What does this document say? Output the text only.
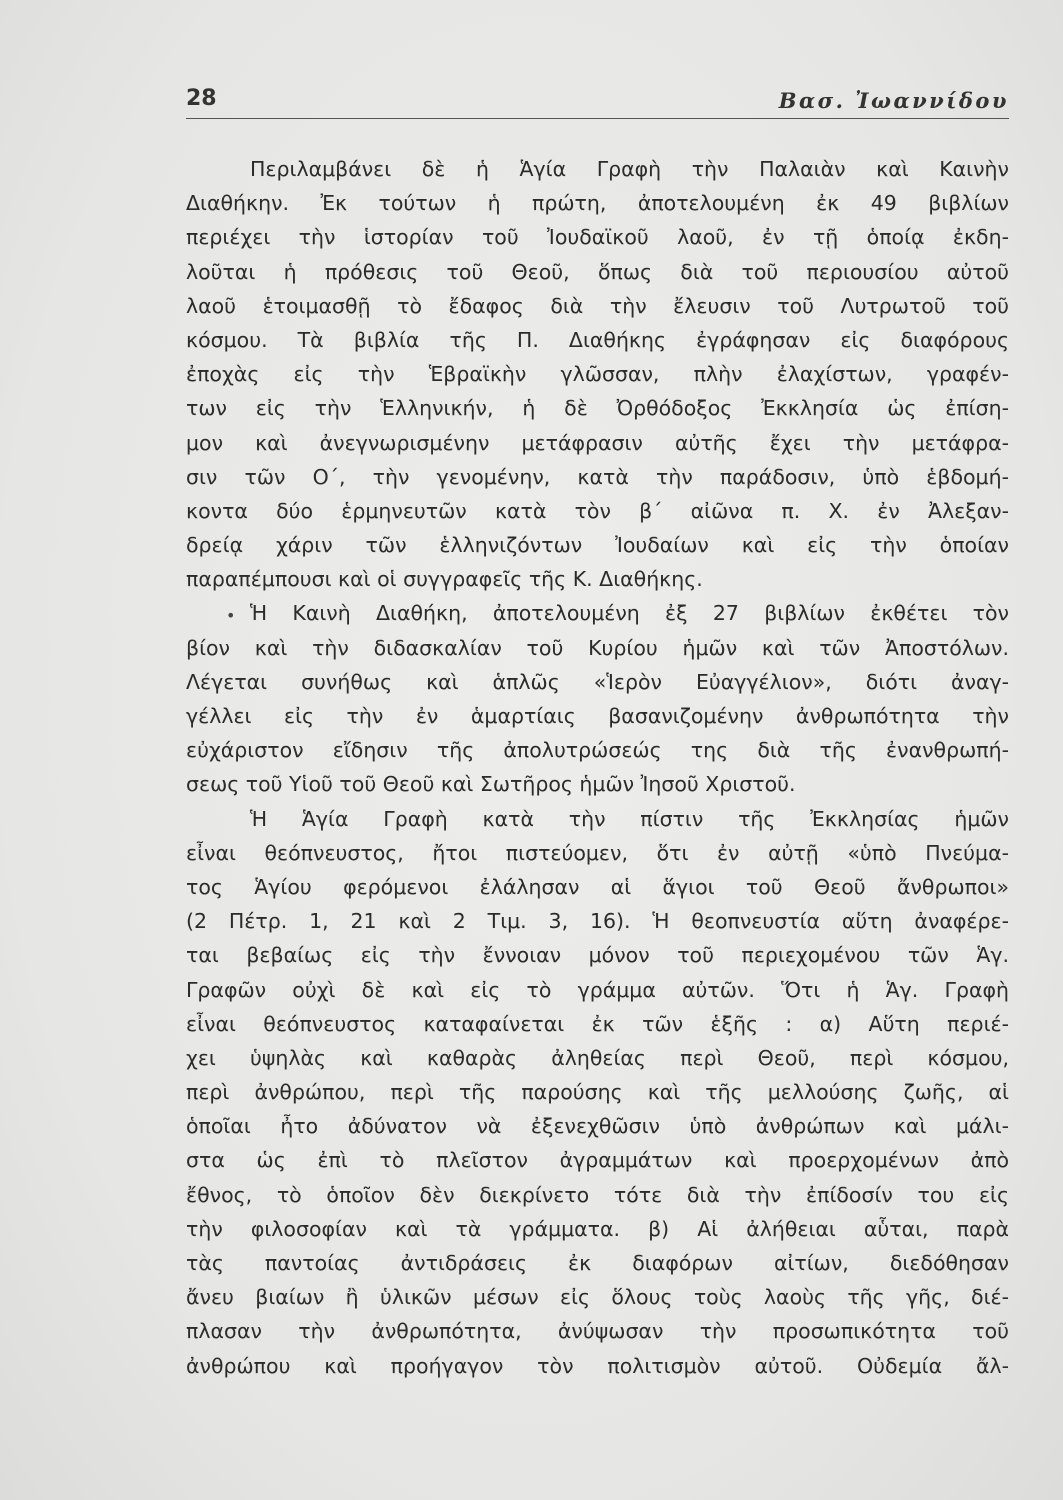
28	Βασ. Ἰωαννίδου
•
Περιλαμβάνει δὲ ἡ Ἁγία Γραφὴ τὴν Παλαιὰν καὶ Καινὴν
Διαθήκην. Ἐκ τούτων ἡ πρώτη, ἀποτελουμένη ἐκ 49 βιβλίων
περιέχει τὴν ἱστορίαν τοῦ Ἰουδαϊκοῦ λαοῦ, ἐν τῇ ὁποίᾳ ἐκδη-
λοῦται ἡ πρόθεσις τοῦ Θεοῦ, ὅπως διὰ τοῦ περιουσίου αὐτοῦ
λαοῦ ἑτοιμασθῇ τὸ ἔδαφος διὰ τὴν ἔλευσιν τοῦ Λυτρωτοῦ τοῦ
κόσμου. Τὰ βιβλία τῆς Π. Διαθήκης ἐγράφησαν εἰς διαφόρους
ἐποχὰς εἰς τὴν Ἑβραϊκὴν γλῶσσαν, πλὴν ἐλαχίστων, γραφέν-
των εἰς τὴν Ἑλληνικήν, ἡ δὲ Ὀρθόδοξος Ἐκκλησία ὡς ἐπίση-
μον καὶ ἀνεγνωρισμένην μετάφρασιν αὐτῆς ἔχει τὴν μετάφρα-
σιν τῶν Ο΄, τὴν γενομένην, κατὰ τὴν παράδοσιν, ὑπὸ ἑβδομή-
κοντα δύο ἑρμηνευτῶν κατὰ τὸν β΄ αἰῶνα π. Χ. ἐν Ἀλεξαν-
δρείᾳ χάριν τῶν ἑλληνιζόντων Ἰουδαίων καὶ εἰς τὴν ὁποίαν
παραπέμπουσι καὶ οἱ συγγραφεῖς τῆς Κ. Διαθήκης.
Ἡ Καινὴ Διαθήκη, ἀποτελουμένη ἐξ 27 βιβλίων ἐκθέτει τὸν
βίον καὶ τὴν διδασκαλίαν τοῦ Κυρίου ἡμῶν καὶ τῶν Ἀποστόλων.
Λέγεται συνήθως καὶ ἁπλῶς «Ἱερὸν Εὐαγγέλιον», διότι ἀναγ-
γέλλει εἰς τὴν ἐν ἁμαρτίαις βασανιζομένην ἀνθρωπότητα τὴν
εὐχάριστον εἴδησιν τῆς ἀπολυτρώσεώς της διὰ τῆς ἐνανθρωπή-
σεως τοῦ Υἱοῦ τοῦ Θεοῦ καὶ Σωτῆρος ἡμῶν Ἰησοῦ Χριστοῦ.
Ἡ Ἁγία Γραφὴ κατὰ τὴν πίστιν τῆς Ἐκκλησίας ἡμῶν
εἶναι θεόπνευστος, ἤτοι πιστεύομεν, ὅτι ἐν αὐτῇ «ὑπὸ Πνεύμα-
τος Ἁγίου φερόμενοι ἐλάλησαν αἱ ἅγιοι τοῦ Θεοῦ ἄνθρωποι»
(2 Πέτρ. 1, 21 καὶ 2 Τιμ. 3, 16). Ἡ θεοπνευστία αὕτη ἀναφέρε-
ται βεβαίως εἰς τὴν ἔννοιαν μόνον τοῦ περιεχομένου τῶν Ἁγ.
Γραφῶν οὐχὶ δὲ καὶ εἰς τὸ γράμμα αὐτῶν. Ὅτι ἡ Ἁγ. Γραφὴ
εἶναι θεόπνευστος καταφαίνεται ἐκ τῶν ἑξῆς : α) Αὕτη περιέ-
χει ὑψηλὰς καὶ καθαρὰς ἀληθείας περὶ Θεοῦ, περὶ κόσμου,
περὶ ἀνθρώπου, περὶ τῆς παρούσης καὶ τῆς μελλούσης ζωῆς, αἱ
ὁποῖαι ἦτο ἀδύνατον νὰ ἐξενεχθῶσιν ὑπὸ ἀνθρώπων καὶ μάλι-
στα ὡς ἐπὶ τὸ πλεῖστον ἀγραμμάτων καὶ προερχομένων ἀπὸ
ἔθνος, τὸ ὁποῖον δὲν διεκρίνετο τότε διὰ τὴν ἐπίδοσίν του εἰς
τὴν φιλοσοφίαν καὶ τὰ γράμματα. β) Αἱ ἀλήθειαι αὗται, παρὰ
τὰς παντοίας ἀντιδράσεις ἐκ διαφόρων αἰτίων, διεδόθησαν
ἄνευ βιαίων ἢ ὑλικῶν μέσων εἰς ὅλους τοὺς λαοὺς τῆς γῆς, διέ-
πλασαν τὴν ἀνθρωπότητα, ἀνύψωσαν τὴν προσωπικότητα τοῦ
ἀνθρώπου καὶ προήγαγον τὸν πολιτισμὸν αὐτοῦ. Οὐδεμία ἄλ-
